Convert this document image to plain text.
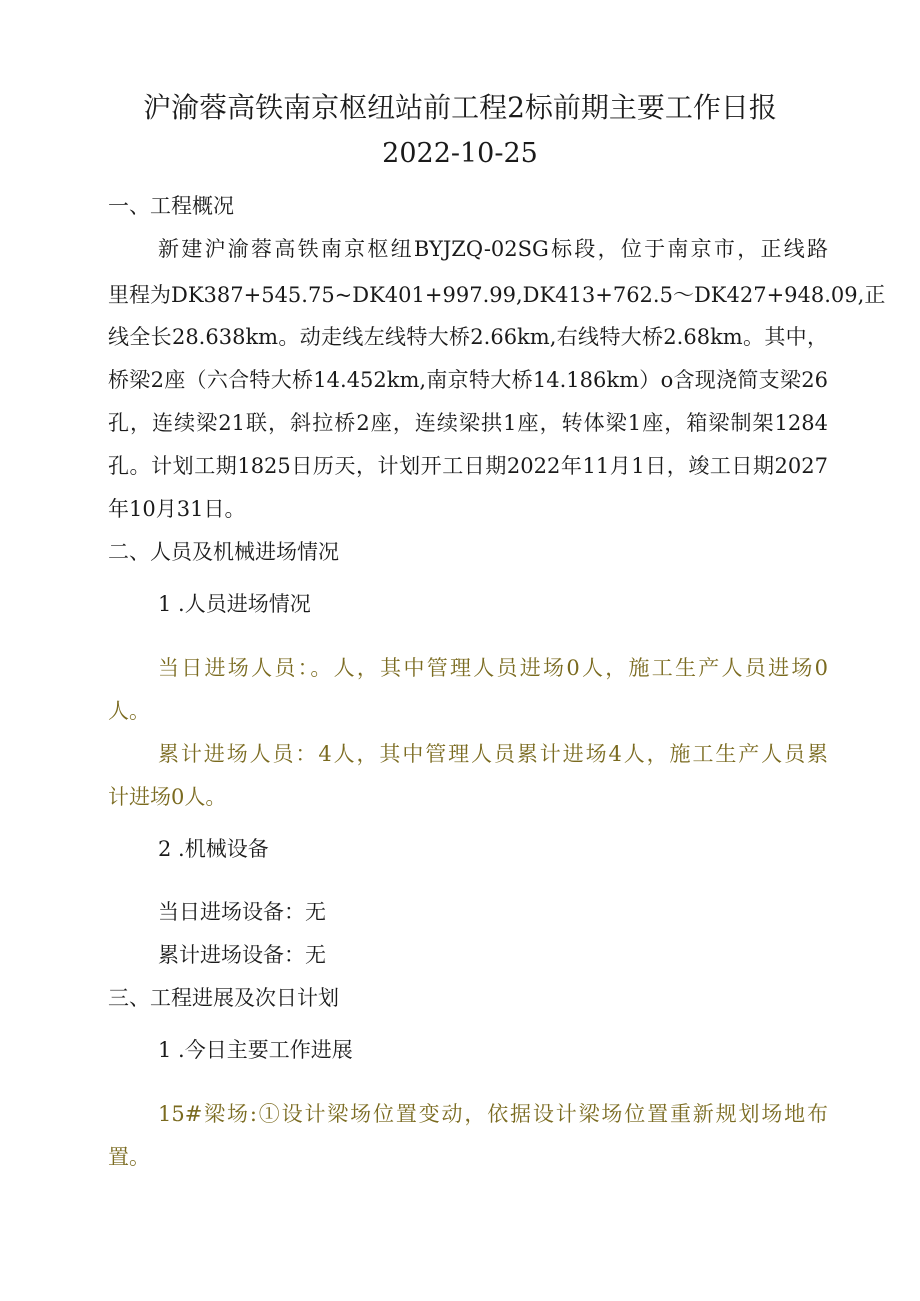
沪渝蓉高铁南京枢纽站前工程2标前期主要工作日报
2022-10-25
一、工程概况
新建沪渝蓉高铁南京枢纽BYJZQ-02SG标段，位于南京市，正线路
里程为DK387+545.75~DK401+997.99,DK413+762.5～DK427+948.09,正
线全长28.638km。动走线左线特大桥2.66km,右线特大桥2.68km。其中，
桥梁2座（六合特大桥14.452km,南京特大桥14.186km）o含现浇简支梁26
孔，连续梁21联，斜拉桥2座，连续梁拱1座，转体梁1座，箱梁制架1284
孔。计划工期1825日历天，计划开工日期2022年11月1日，竣工日期2027
年10月31日。
二、人员及机械进场情况
1 .人员进场情况
当日进场人员：。人，其中管理人员进场0人，施工生产人员进场0
人。
累计进场人员：4人，其中管理人员累计进场4人，施工生产人员累
计进场0人。
2 .机械设备
当日进场设备：无
累计进场设备：无
三、工程进展及次日计划
1 .今日主要工作进展
15#梁场:①设计梁场位置变动，依据设计梁场位置重新规划场地布
置。
